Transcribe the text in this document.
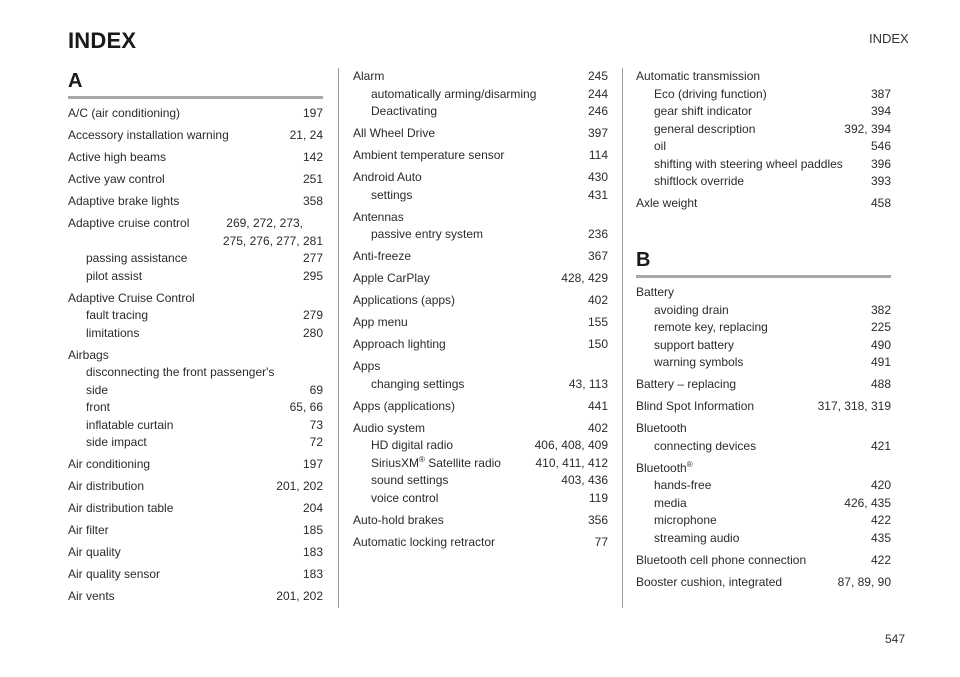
INDEX	INDEX
A
A/C (air conditioning)	197
Accessory installation warning	21, 24
Active high beams	142
Active yaw control	251
Adaptive brake lights	358
Adaptive cruise control	269, 272, 273,
275, 276, 277, 281
passing assistance	277
pilot assist	295
Adaptive Cruise Control
fault tracing	279
limitations	280
Airbags
disconnecting the front passenger's
side	69
front	65, 66
inflatable curtain	73
side impact	72
Air conditioning	197
Air distribution	201, 202
Air distribution table	204
Air filter	185
Air quality	183
Air quality sensor	183
Air vents	201, 202
Alarm	245
automatically arming/disarming	244
Deactivating	246
All Wheel Drive	397
Ambient temperature sensor	114
Android Auto	430
settings	431
Antennas
passive entry system	236
Anti-freeze	367
Apple CarPlay	428, 429
Applications (apps)	402
App menu	155
Approach lighting	150
Apps
changing settings	43, 113
Apps (applications)	441
Audio system	402
HD digital radio	406, 408, 409
SiriusXM® Satellite radio	410, 411, 412
sound settings	403, 436
voice control	119
Auto-hold brakes	356
Automatic locking retractor	77
Automatic transmission
Eco (driving function)	387
gear shift indicator	394
general description	392, 394
oil	546
shifting with steering wheel paddles	396
shiftlock override	393
Axle weight	458
B
Battery
avoiding drain	382
remote key, replacing	225
support battery	490
warning symbols	491
Battery – replacing	488
Blind Spot Information	317, 318, 319
Bluetooth
connecting devices	421
Bluetooth®
hands-free	420
media	426, 435
microphone	422
streaming audio	435
Bluetooth cell phone connection	422
Booster cushion, integrated	87, 89, 90
547
